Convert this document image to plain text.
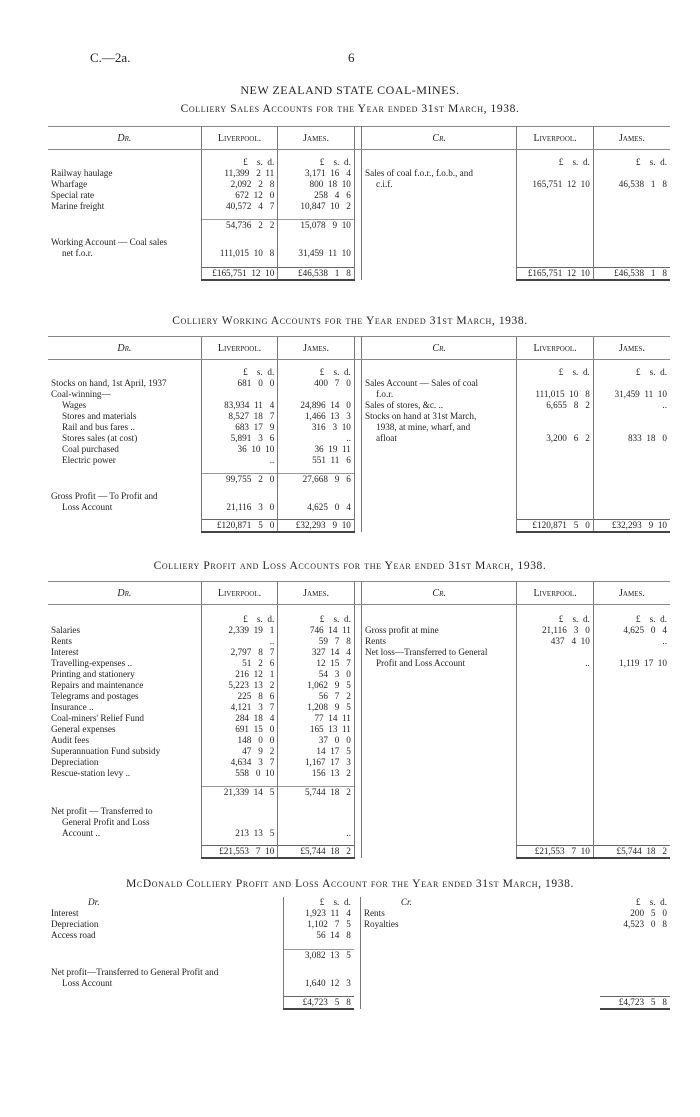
C.—2a.	6
NEW ZEALAND STATE COAL-MINES.
Colliery Sales Accounts for the Year ended 31st March, 1938.
Dr.	Liverpool.	James.		Cr.	Liverpool.	James.
	£    s.  d.	£    s.  d.			£    s.  d.	£    s.  d.
Railway haulage	11,399   2  11	3,171  16   4		Sales of coal f.o.r., f.o.b., and		
Wharfage	2,092   2   8	800  18  10		c.i.f.	165,751  12  10	46,538   1   8
Special rate	672  12   0	258   4   6				
Marine freight	40,572   4   7	10,847  10   2				

	54,736   2   2	15,078   9  10				

Working Account — Coal sales						
net f.o.r.	111,015  10   8	31,459  11  10				

	£165,751  12  10	£46,538   1   8			£165,751  12  10	£46,538   1   8
Colliery Working Accounts for the Year ended 31st March, 1938.
Dr.	Liverpool.	James.		Cr.	Liverpool.	James.
	£    s.  d.	£    s.  d.			£    s.  d.	£    s.  d.
Stocks on hand, 1st April, 1937	681   0   0	400   7   0		Sales Account — Sales of coal		
Coal-winning—				f.o.r.	111,015  10   8	31,459  11  10
Wages	83,934  11   4	24,896  14   0		Sales of stores, &c. ..	6,655   8   2	..
Stores and materials	8,527  18   7	1,466  13   3		Stocks on hand at 31st March,		
Rail and bus fares ..	683  17   9	316   3  10		1938, at mine, wharf, and		
Stores sales (at cost)	5,891   3   6	..		afloat	3,200   6   2	833  18   0
Coal purchased	36  10  10	36  19  11				
Electric power	..	551  11   6				

	99,755   2   0	27,668   9   6				

Gross Profit — To Profit and						
Loss Account	21,116   3   0	4,625   0   4				

	£120,871   5   0	£32,293   9  10			£120,871   5   0	£32,293   9  10
Colliery Profit and Loss Accounts for the Year ended 31st March, 1938.
Dr.	Liverpool.	James.		Cr.	Liverpool.	James.
	£    s.  d.	£    s.  d.			£    s.  d.	£    s.  d.
Salaries	2,339  19   1	746  14  11		Gross profit at mine	21,116   3   0	4,625   0   4
Rents	..	59   7   8		Rents	437   4  10	..
Interest	2,797   8   7	327  14   4		Net loss—Transferred to General		
Travelling-expenses ..	51   2   6	12  15   7		Profit and Loss Account	..	1,119  17  10
Printing and stationery	216  12   1	54   3   0				
Repairs and maintenance	5,223  13   2	1,062   9   5				
Telegrams and postages	225   8   6	56   7   2				
Insurance ..	4,121   3   7	1,208   9   5				
Coal-miners' Relief Fund	284  18   4	77  14  11				
General expenses	691  15   0	165  13  11				
Audit fees	148   0   0	37   0   0				
Superannuation Fund subsidy	47   9   2	14  17   5				
Depreciation	4,634   3   7	1,167  17   3				
Rescue-station levy ..	558   0  10	156  13   2				

	21,339  14   5	5,744  18   2				

Net profit — Transferred to						
General Profit and Loss						
Account ..	213  13   5	..				

	£21,553   7  10	£5,744  18   2			£21,553   7  10	£5,744  18   2
McDonald Colliery Profit and Loss Account for the Year ended 31st March, 1938.
Dr.	£    s.  d.		Cr.	£    s.  d.
Interest	1,923  11   4		Rents	200   5   0
Depreciation	1,102   7   5		Royalties	4,523   0   8
Access road	56  14   8			

	3,082  13   5			

Net profit—Transferred to General Profit and				
Loss Account	1,640  12   3			

	£4,723   5   8			£4,723   5   8
